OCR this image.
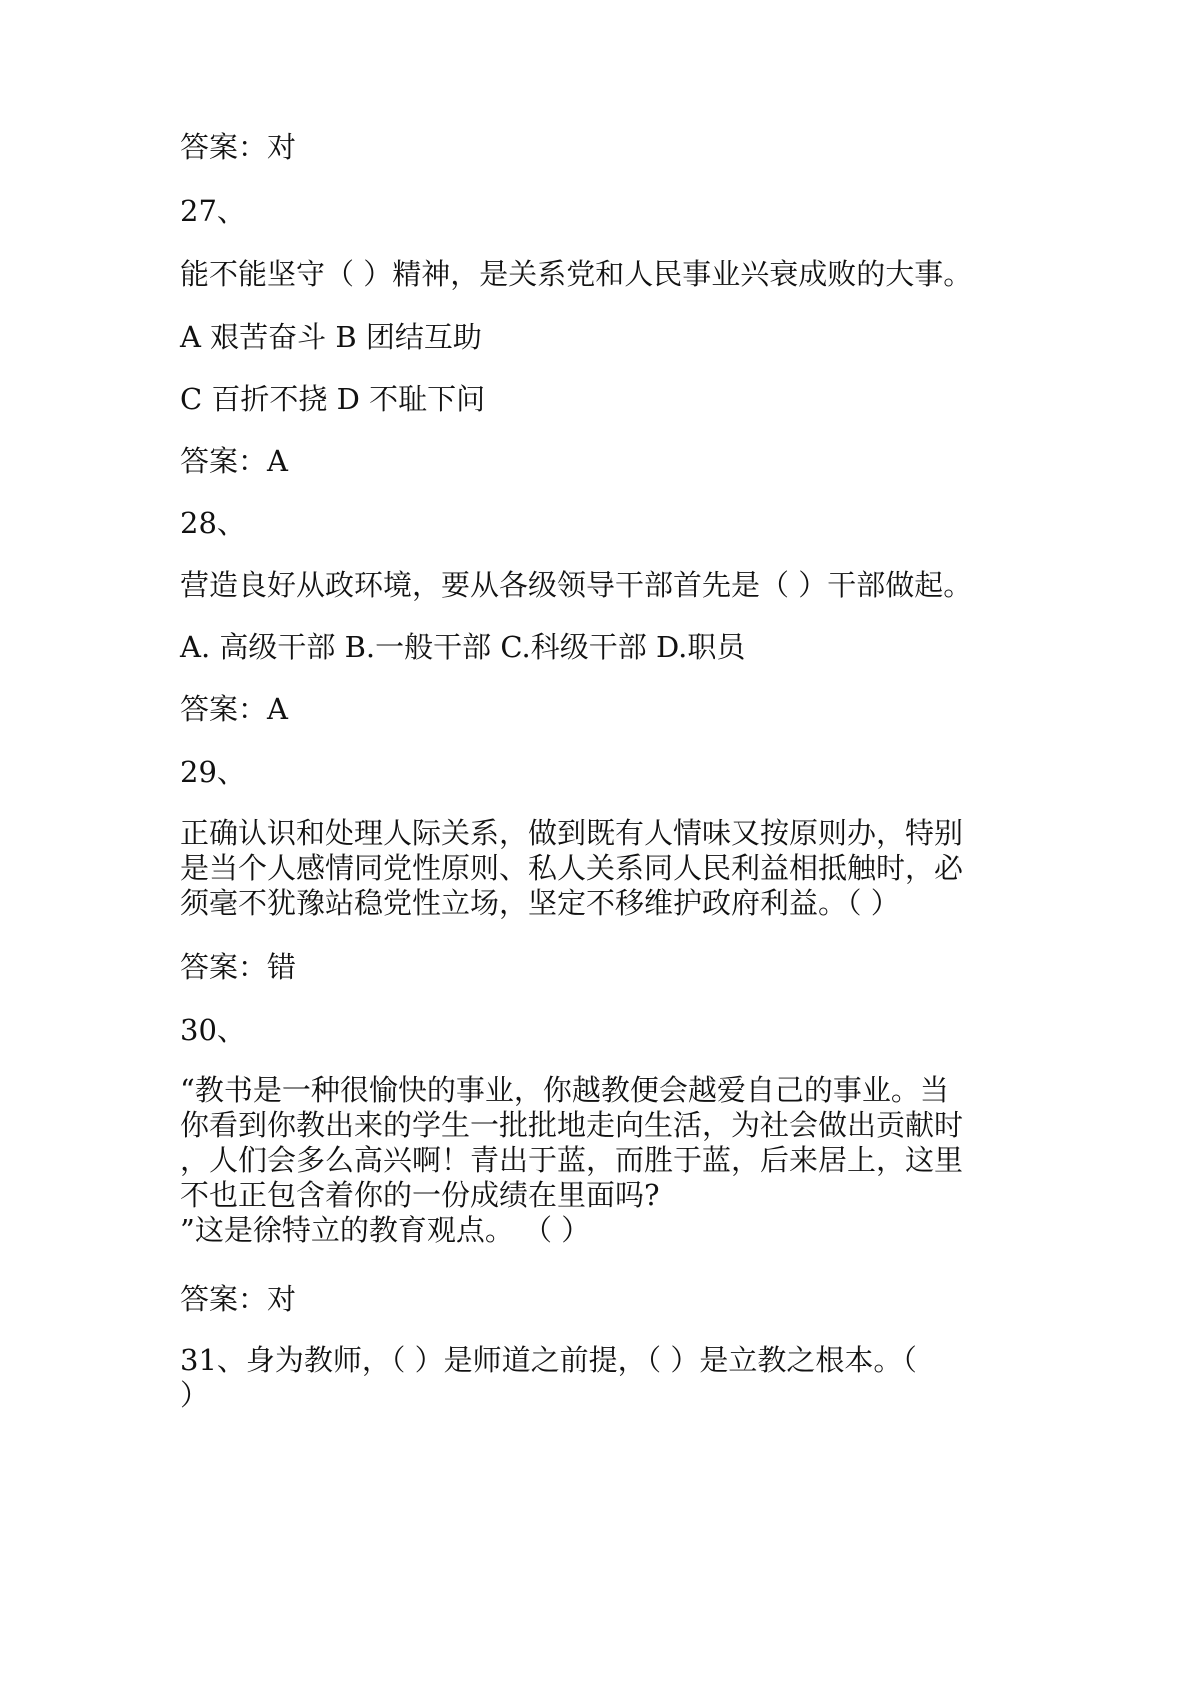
答案：对
27、
能不能坚守（ ）精神，是关系党和人民事业兴衰成败的大事。
A 艰苦奋斗 B 团结互助
C 百折不挠 D 不耻下问
答案：A
28、
营造良好从政环境，要从各级领导干部首先是（ ）干部做起。
A. 高级干部 B.一般干部 C.科级干部 D.职员
答案：A
29、
正确认识和处理人际关系，做到既有人情味又按原则办，特别
是当个人感情同党性原则、私人关系同人民利益相抵触时，必
须毫不犹豫站稳党性立场，坚定不移维护政府利益。（ ）
答案：错
30、
“教书是一种很愉快的事业，你越教便会越爱自己的事业。当
你看到你教出来的学生一批批地走向生活，为社会做出贡献时
，人们会多么高兴啊！青出于蓝，而胜于蓝，后来居上，这里
不也正包含着你的一份成绩在里面吗?
”这是徐特立的教育观点。 （ ）
答案：对
31、身为教师，（ ）是师道之前提，（ ）是立教之根本。（
）
